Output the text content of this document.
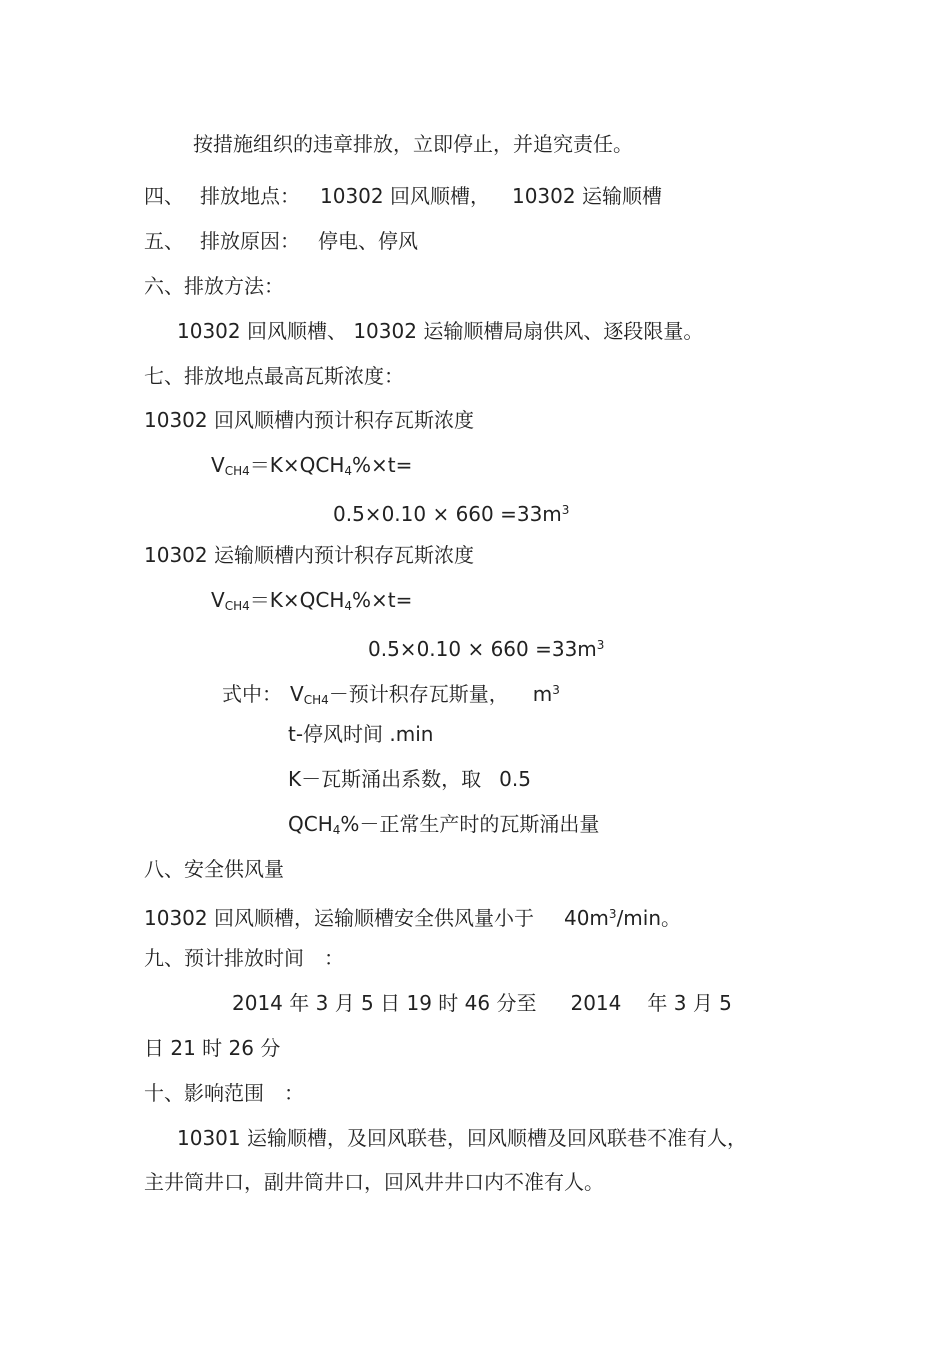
按措施组织的违章排放，立即停止，并追究责任。
四、 排放地点： 10302 回风顺槽， 10302 运输顺槽
五、 排放原因： 停电、停风
六、排放方法：
10302 回风顺槽、 10302 运输顺槽局扇供风、逐段限量。
七、排放地点最高瓦斯浓度：
10302 回风顺槽内预计积存瓦斯浓度
$V_{CH4}=K\times QCH_4\%\times t=$
$0.5\times 0.10 \times 660 =33m^3$
10302 运输顺槽内预计积存瓦斯浓度
$V_{CH4}=K\times QCH_4\%\times t=$
$0.5\times 0.10 \times 660 =33m^3$
式中： $V_{CH4}-$预计积存瓦斯量， $m^3$
t-停风时间 .min
K－瓦斯涌出系数，取 0.5
$QCH_4\%-$正常生产时的瓦斯涌出量
八、安全供风量
10302 回风顺槽，运输顺槽安全供风量小于 $40m^3/\min$。
九、预计排放时间 ：
2014 年 3 月 5 日 19 时 46 分至 2014 年 3 月 5
日 21 时 26 分
十、影响范围 ：
10301 运输顺槽，及回风联巷，回风顺槽及回风联巷不准有人，
主井筒井口，副井筒井口，回风井井口内不准有人。
